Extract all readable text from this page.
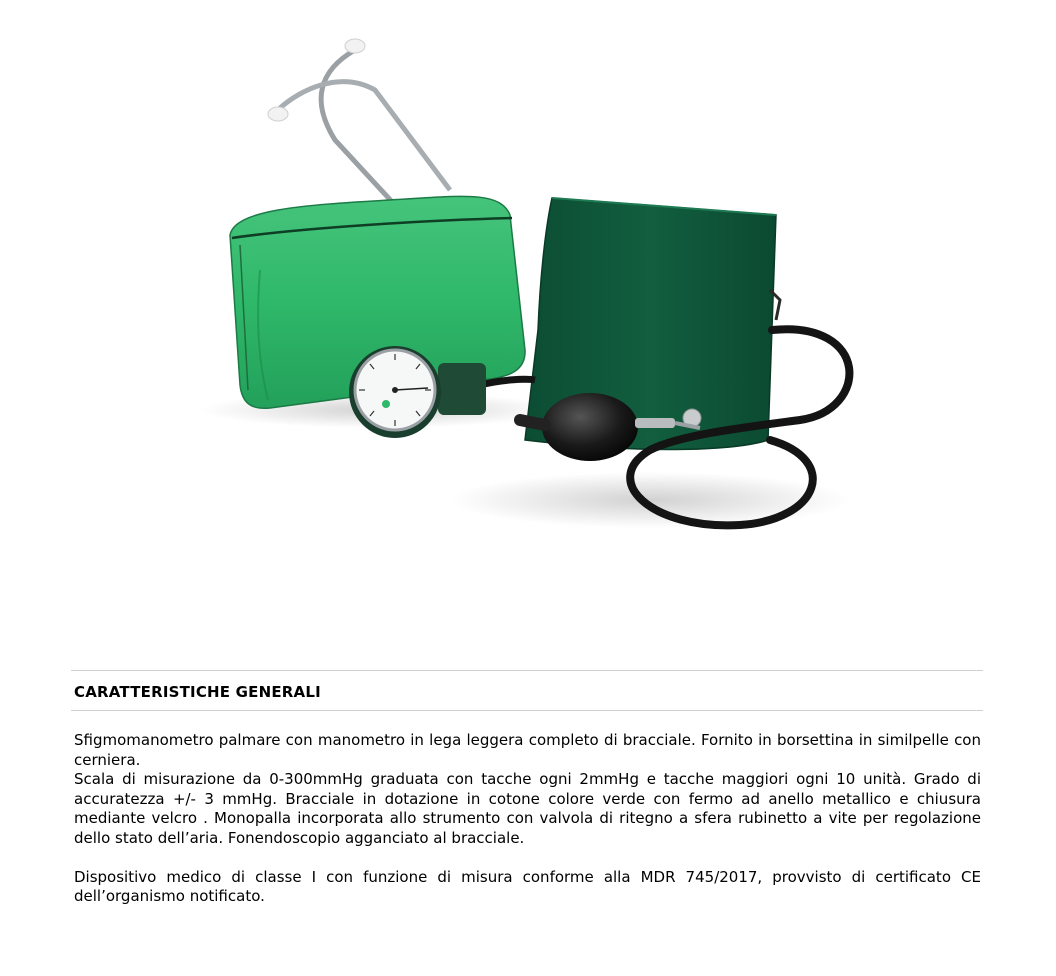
CARATTERISTICHE GENERALI

Sfigmomanometro palmare con manometro in lega leggera completo di bracciale. Fornito in borsettina in similpelle con cerniera.

Scala di misurazione da 0-300mmHg graduata con tacche ogni 2mmHg e tacche maggiori ogni 10 unità. Grado di accuratezza +/- 3 mmHg. Bracciale in dotazione in cotone colore verde con fermo ad anello metallico e chiusura mediante velcro . Monopalla incorporata allo strumento con valvola di ritegno a sfera rubinetto a vite per regolazione dello stato dell’aria. Fonendoscopio agganciato al bracciale.

Dispositivo medico di classe I con funzione di misura conforme alla MDR 745/2017, provvisto di certificato CE dell’organismo notificato.
